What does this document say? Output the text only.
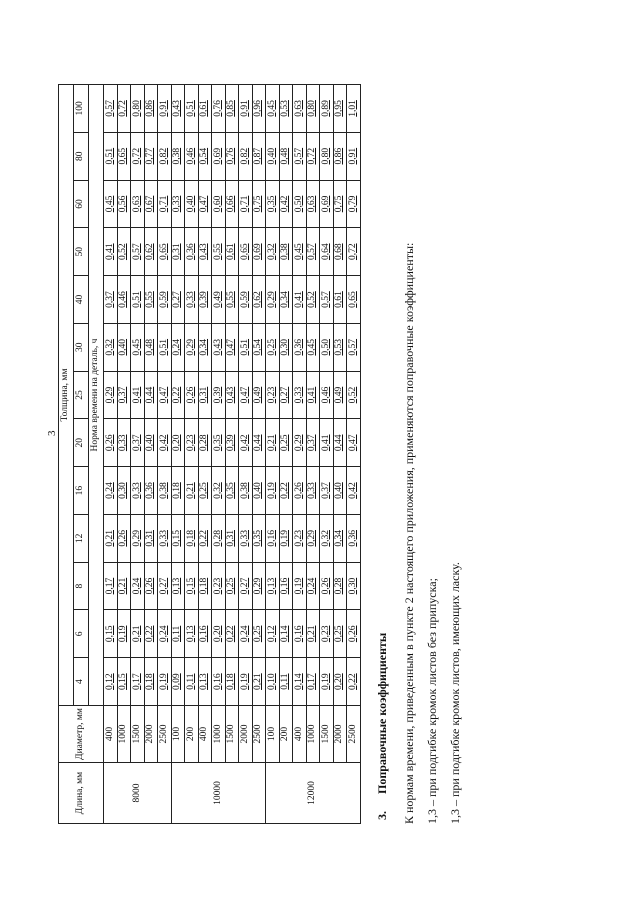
3
Длина, мм	Диаметр, мм	Толщина, мм												
		4	6	8	12	16	20	25	30	40	50	60	80	100
		Норма времени на деталь, ч												
8000	400	0,12	0,15	0,17	0,21	0,24	0,26	0,29	0,32	0,37	0,41	0,45	0,51	0,57
	1000	0,15	0,19	0,21	0,26	0,30	0,33	0,37	0,40	0,46	0,52	0,56	0,65	0,72
	1500	0,17	0,21	0,24	0,29	0,33	0,37	0,41	0,45	0,51	0,57	0,63	0,72	0,80
	2000	0,18	0,22	0,26	0,31	0,36	0,40	0,44	0,48	0,55	0,62	0,67	0,77	0,86
	2500	0,19	0,24	0,27	0,33	0,38	0,42	0,47	0,51	0,59	0,65	0,71	0,82	0,91
10000	100	0,09	0,11	0,13	0,15	0,18	0,20	0,22	0,24	0,27	0,31	0,33	0,38	0,43
	200	0,11	0,13	0,15	0,18	0,21	0,23	0,26	0,29	0,33	0,36	0,40	0,46	0,51
	400	0,13	0,16	0,18	0,22	0,25	0,28	0,31	0,34	0,39	0,43	0,47	0,54	0,61
	1000	0,16	0,20	0,23	0,28	0,32	0,35	0,39	0,43	0,49	0,55	0,60	0,69	0,76
	1500	0,18	0,22	0,25	0,31	0,35	0,39	0,43	0,47	0,55	0,61	0,66	0,76	0,85
	2000	0,19	0,24	0,27	0,33	0,38	0,42	0,47	0,51	0,59	0,65	0,71	0,82	0,91
	2500	0,21	0,25	0,29	0,35	0,40	0,44	0,49	0,54	0,62	0,69	0,75	0,87	0,96
12000	100	0,10	0,12	0,13	0,16	0,19	0,21	0,23	0,25	0,29	0,32	0,35	0,40	0,45
	200	0,11	0,14	0,16	0,19	0,22	0,25	0,27	0,30	0,34	0,38	0,42	0,48	0,53
	400	0,14	0,16	0,19	0,23	0,26	0,29	0,33	0,36	0,41	0,45	0,50	0,57	0,63
	1000	0,17	0,21	0,24	0,29	0,33	0,37	0,41	0,45	0,52	0,57	0,63	0,72	0,80
	1500	0,19	0,23	0,26	0,32	0,37	0,41	0,46	0,50	0,57	0,64	0,69	0,80	0,89
	2000	0,20	0,25	0,28	0,34	0,40	0,44	0,49	0,53	0,61	0,68	0,75	0,86	0,95
	2500	0,22	0,26	0,30	0,36	0,42	0,47	0,52	0,57	0,65	0,72	0,79	0,91	1,01
3.Поправочные коэффициенты К нормам времени, приведенным в пункте 2 настоящего приложения, применяются поправочные коэффициенты: 1,3 – при подгибке кромок листов без припуска; 1,3 – при подгибке кромок листов, имеющих ласку.
